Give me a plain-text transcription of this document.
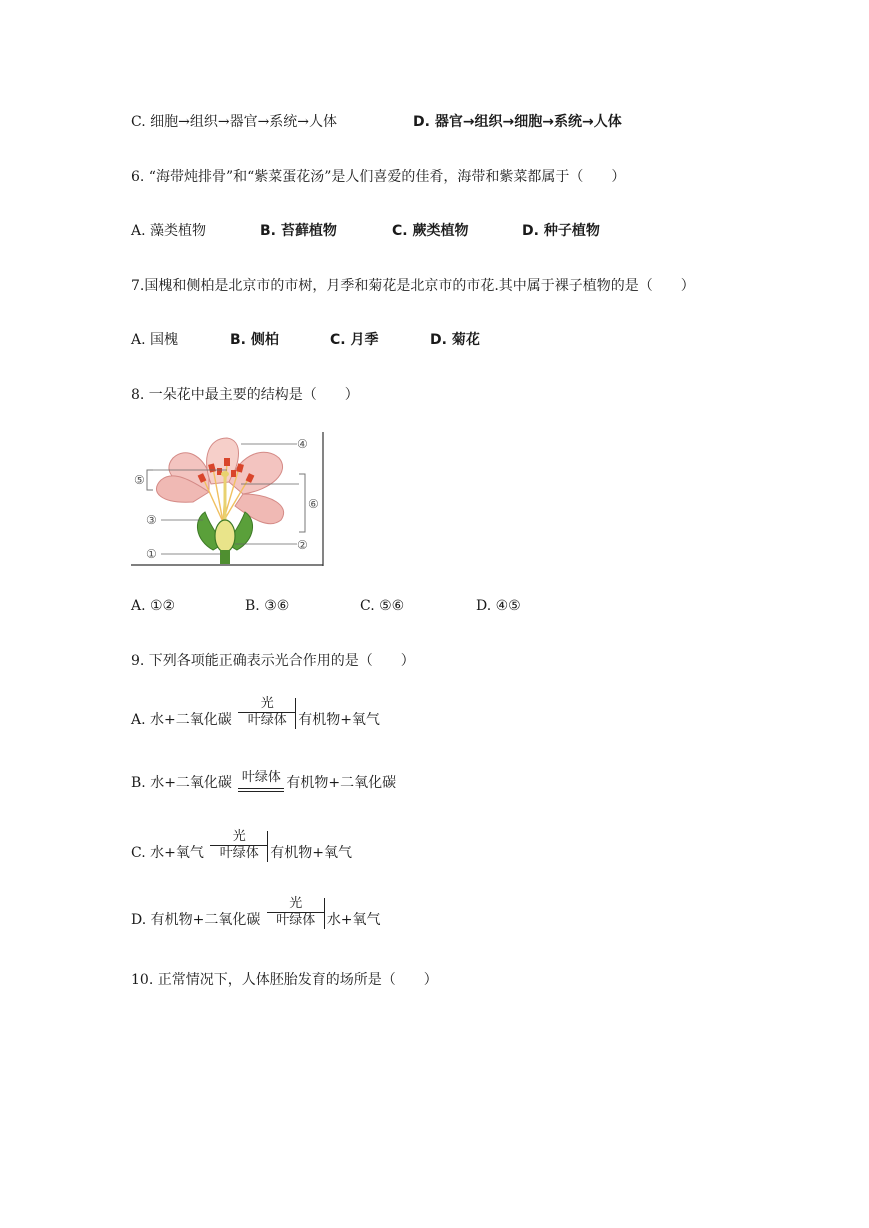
C. 细胞→组织→器官→系统→人体	D. 器官→组织→细胞→系统→人体
6. “海带炖排骨”和“紫菜蛋花汤”是人们喜爱的佳肴，海带和紫菜都属于（　　）
A. 藻类植物	B. 苔藓植物	C. 蕨类植物	D. 种子植物
7.国槐和侧柏是北京市的市树，月季和菊花是北京市的市花.其中属于裸子植物的是（　　）
A. 国槐	B. 侧柏	C. 月季	D. 菊花
8. 一朵花中最主要的结构是（　　）
④
⑤
⑥
③
②
①
A. ①②	B. ③⑥	C. ⑤⑥	D. ④⑤
9. 下列各项能正确表示光合作用的是（　　）
A. 水+二氧化碳
光
叶绿体 有机物+氧气
B. 水+二氧化碳 叶绿体 有机物+二氧化碳
C. 水+氧气
光
叶绿体 有机物+氧气
D. 有机物+二氧化碳
光
叶绿体 水+氧气
10. 正常情况下，人体胚胎发育的场所是（　　）
